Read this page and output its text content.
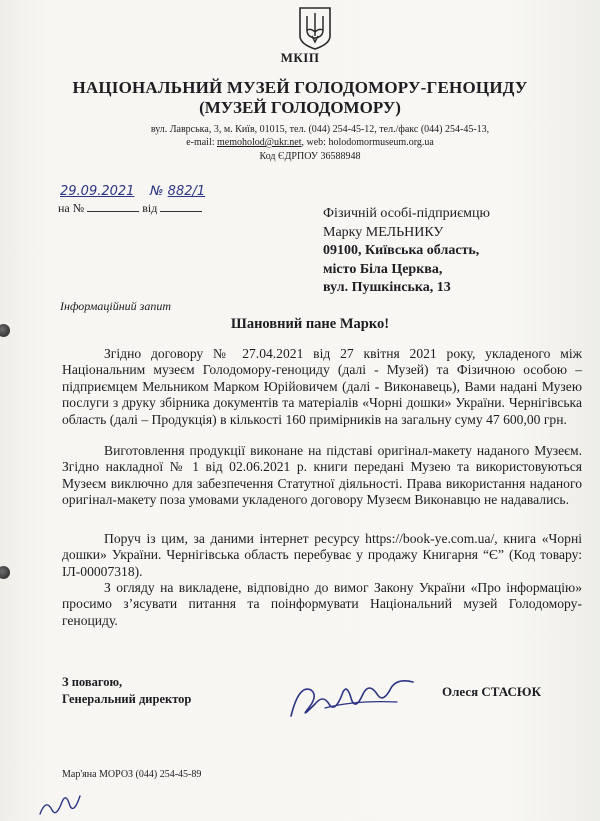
МКІП
НАЦІОНАЛЬНИЙ МУЗЕЙ ГОЛОДОМОРУ-ГЕНОЦИДУ
(МУЗЕЙ ГОЛОДОМОРУ)
вул. Лаврська, 3, м. Київ, 01015, тел. (044) 254-45-12, тел./факс (044) 254-45-13,
e-mail: memoholod@ukr.net, web: holodomormuseum.org.ua
Код ЄДРПОУ 36588948
29.09.2021 № 882/1
на №	від	Фізичній особі-підприємцю
Марку МЕЛЬНИКУ
09100, Київська область,
місто Біла Церква,
вул. Пушкінська, 13
Інформаційний запит
Шановний пане Марко!

Згідно договору № 27.04.2021 від 27 квітня 2021 року, укладеного між Національним музеєм Голодомору-геноциду (далі - Музей) та Фізичною особою – підприємцем Мельником Марком Юрійовичем (далі - Виконавець), Вами надані Музею послуги з друку збірника документів та матеріалів «Чорні дошки» України. Чернігівська область (далі – Продукція) в кількості 160 примірників на загальну суму 47 600,00 грн.

Виготовлення продукції виконане на підставі оригінал-макету наданого Музеєм. Згідно накладної № 1 від 02.06.2021 р. книги передані Музею та використовуються Музеєм виключно для забезпечення Статутної діяльності. Права використання наданого оригінал-макету поза умовами укладеного договору Музеєм Виконавцю не надавались.

Поруч із цим, за даними інтернет ресурсу https://book-ye.com.ua/, книга «Чорні дошки» України. Чернігівська область перебуває у продажу Книгарня “Є” (Код товару: ІЛ-00007318).

З огляду на викладене, відповідно до вимог Закону України «Про інформацію» просимо з’ясувати питання та поінформувати Національний музей Голодомору-геноциду.

З повагою,
Генеральний директор	Олеся СТАСЮК
Мар'яна МОРОЗ (044) 254-45-89
